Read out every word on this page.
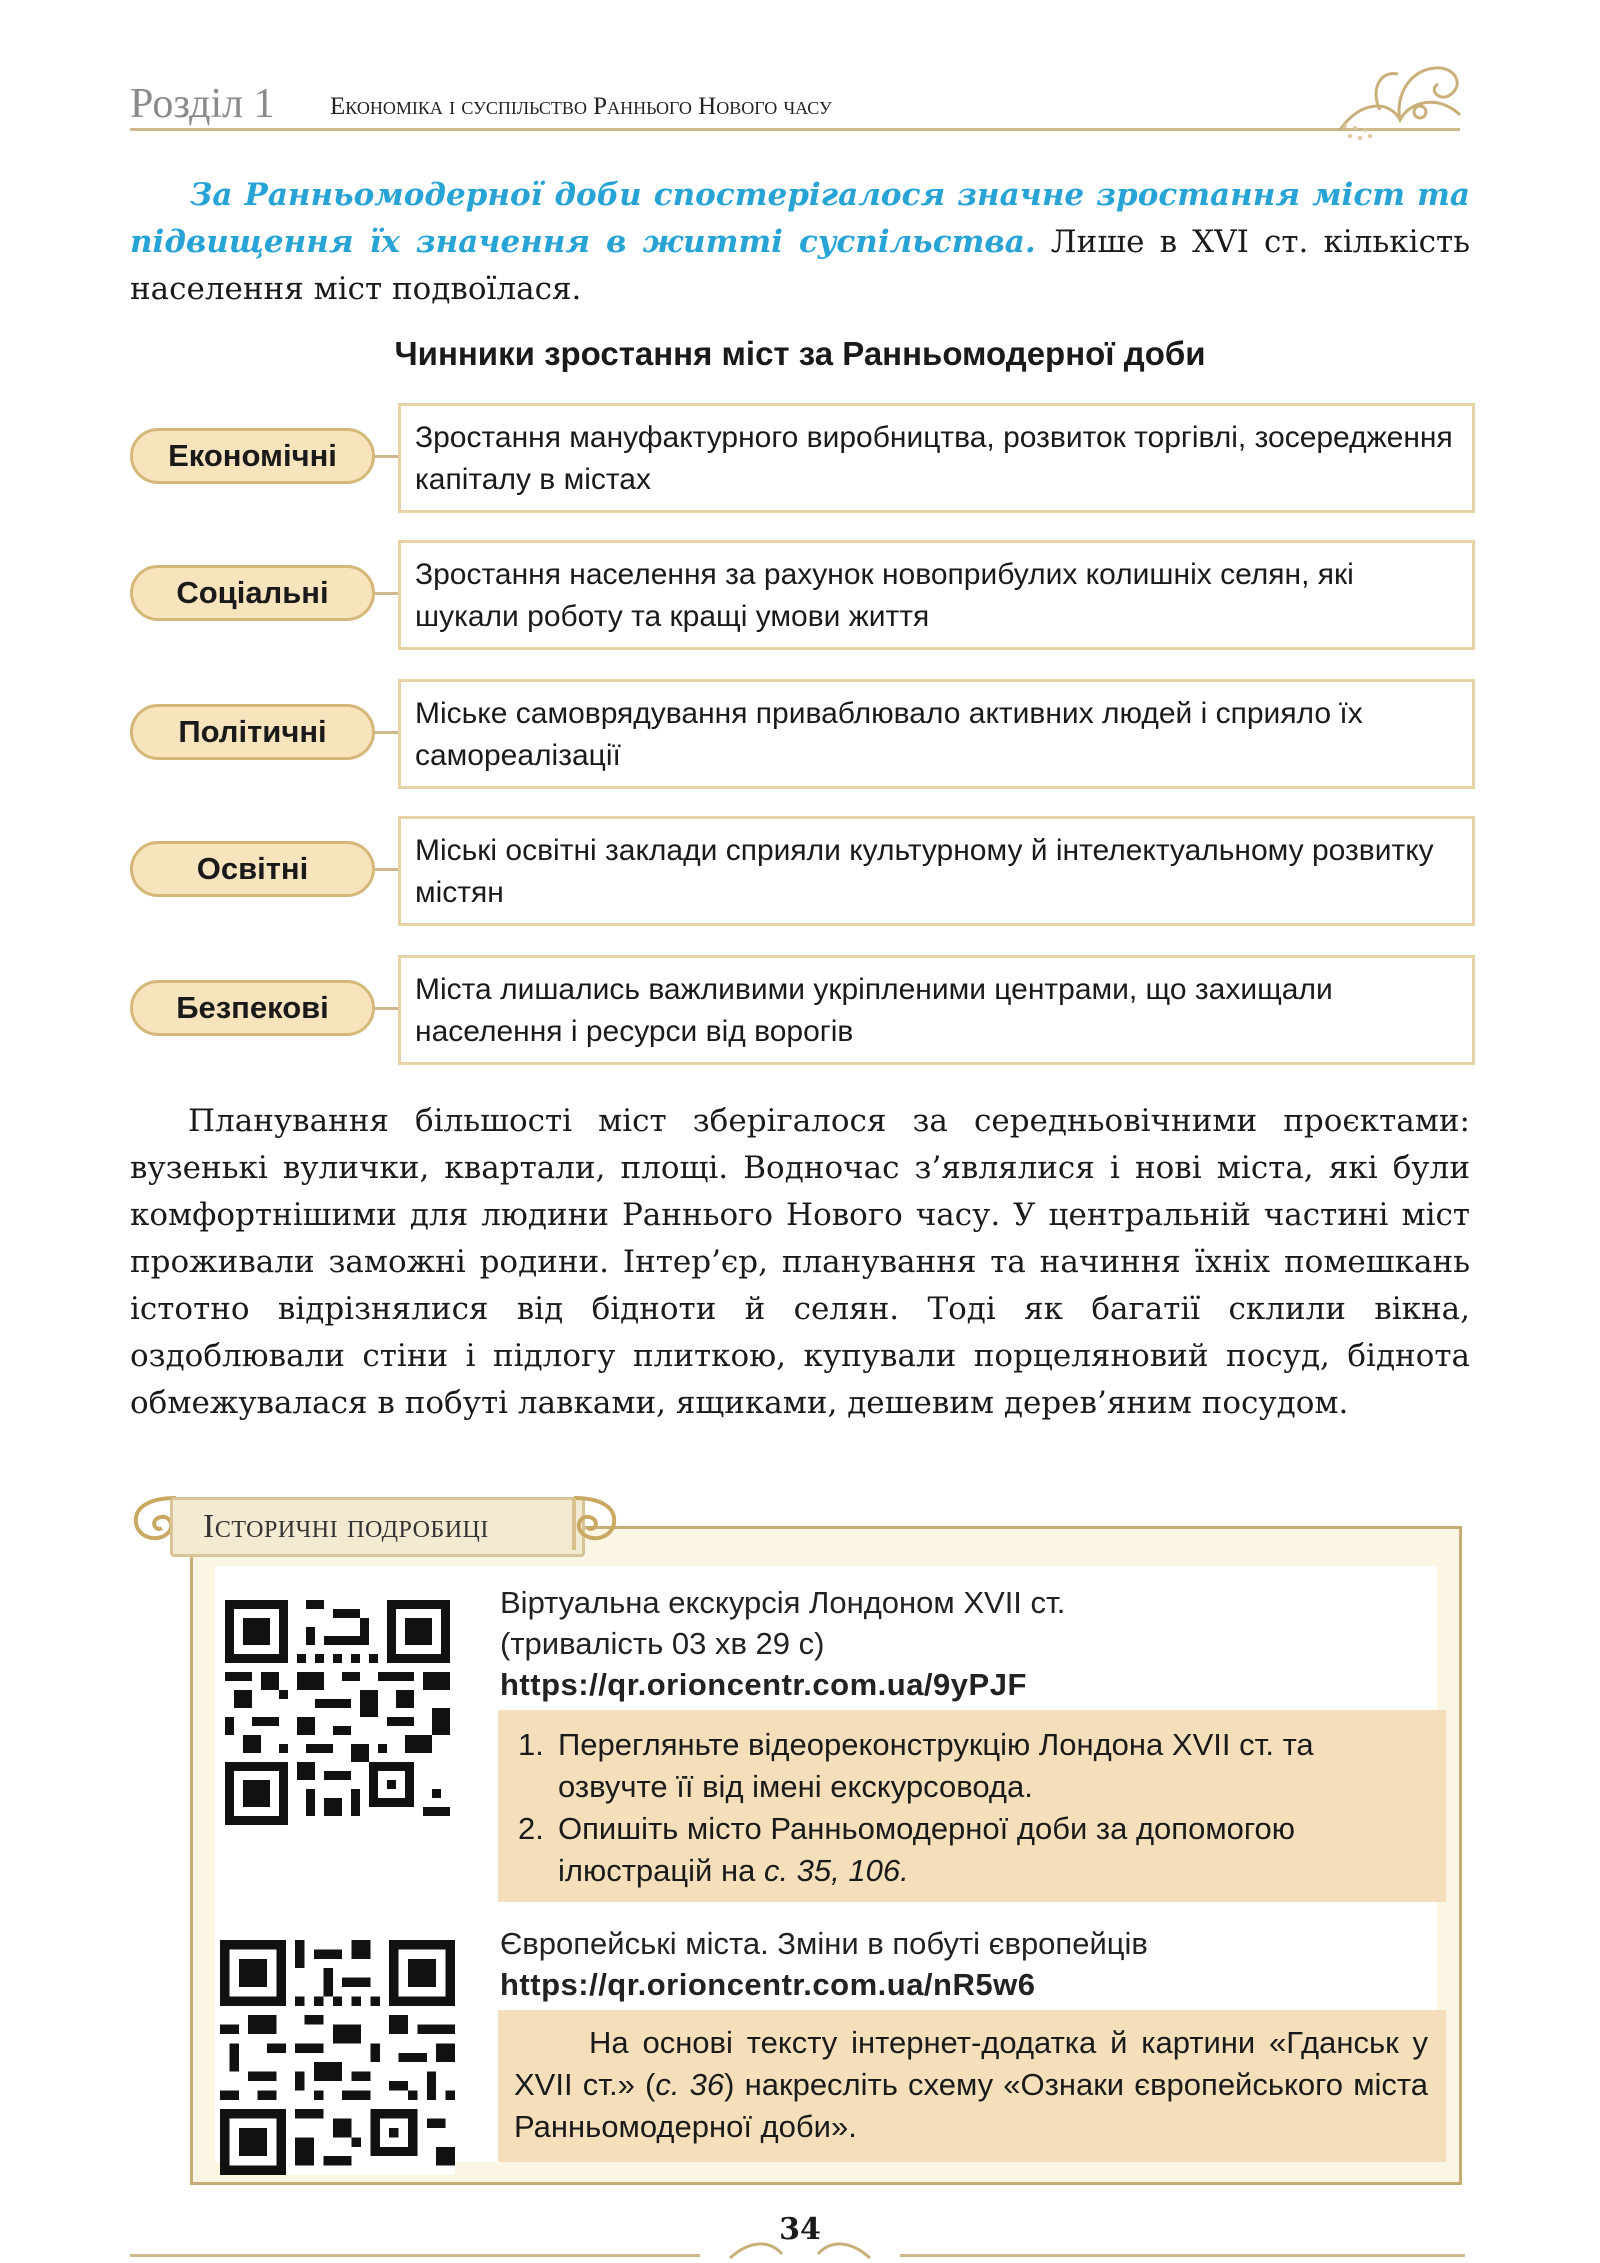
Розділ 1 Економіка і суспільство Раннього Нового часу

За Ранньомодерної доби спостерігалося значне зростання міст та підвищення їх значення в житті суспільства. Лише в XVI ст. кількість населення міст подвоїлася.

Чинники зростання міст за Ранньомодерної доби
Економічні
Зростання мануфактурного виробництва, розвиток торгівлі, зосередження капіталу в містах
Соціальні
Зростання населення за рахунок новоприбулих колишніх селян, які шукали роботу та кращі умови життя
Політичні
Міське самоврядування приваблювало активних людей і сприяло їх самореалізації
Освітні
Міські освітні заклади сприяли культурному й інтелектуальному розвитку містян
Безпекові
Міста лишались важливими укріпленими центрами, що захищали населення і ресурси від ворогів

Планування більшості міст зберігалося за середньовічними проєктами: вузенькі вулички, квартали, площі. Водночас з’являлися і нові міста, які були комфортнішими для людини Раннього Нового часу. У центральній частині міст проживали заможні родини. Інтер’єр, планування та начиння їхніх помешкань істотно відрізнялися від бідноти й селян. Тоді як багатії склили вікна, оздоблювали стіни і підлогу плиткою, купували порцеляновий посуд, біднота обмежувалася в побуті лавками, ящиками, дешевим дерев’яним посудом.

Історичні подробиці
Віртуальна екскурсія Лондоном XVII ст.
(тривалість 03 хв 29 с)
https://qr.orioncentr.com.ua/9yPJF
1. Перегляньте відеореконструкцію Лондона XVII ст. та озвучте її від імені екскурсовода.
2. Опишіть місто Ранньомодерної доби за допомогою ілюстрацій на с. 35, 106.
Європейські міста. Зміни в побуті європейців
https://qr.orioncentr.com.ua/nR5w6

На основі тексту інтернет-додатка й картини «Гданськ у XVII ст.» (с. 36) накресліть схему «Ознаки європейського міста Ранньомодерної доби».

34
